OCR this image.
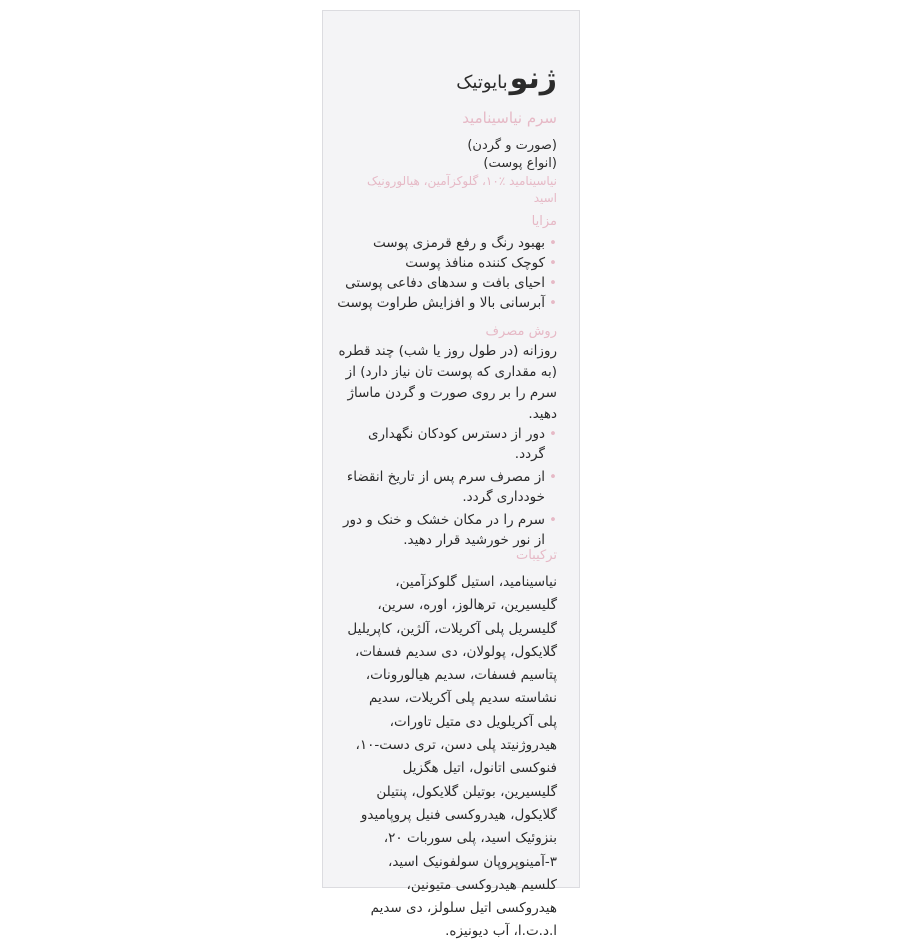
ژنوبایوتیک
سرم نیاسینامید
(صورت و گردن)
(انواع پوست)
نیاسینامید ٪۱۰، گلوکزآمین، هیالورونیک
اسید
مزایا
• بهبود رنگ و رفع قرمزی پوست
• کوچک کننده منافذ پوست
• احیای بافت و سدهای دفاعی پوستی
• آبرسانی بالا و افزایش طراوت پوست
روش مصرف
روزانه (در طول روز یا شب) چند قطره
(به مقداری که پوست تان نیاز دارد) از
سرم را بر روی صورت و گردن ماساژ
دهید.
• دور از دسترس کودکان نگهداری
گردد.
• از مصرف سرم پس از تاریخ انقضاء
خودداری گردد.
• سرم را در مکان خشک و خنک و دور
از نور خورشید قرار دهید.
ترکیبات
نیاسینامید، استیل گلوکزآمین،
گلیسیرین، ترهالوز، اوره، سرین،
گلیسریل پلی آکریلات، آلژین، کاپریلیل
گلایکول، پولولان، دی سدیم فسفات،
پتاسیم فسفات، سدیم هیالورونات،
نشاسته سدیم پلی آکریلات، سدیم
پلی آکریلویل دی متیل تاورات،
هیدروژنیتد پلی دسن، تری دست-۱۰،
فنوکسی اتانول، اتیل هگزیل
گلیسیرین، بوتیلن گلایکول، پنتیلن
گلایکول، هیدروکسی فنیل پروپامیدو
بنزوئیک اسید، پلی سوربات ۲۰،
۳-آمینوپروپان سولفونیک اسید،
کلسیم هیدروکسی متیونین،
هیدروکسی اتیل سلولز، دی سدیم
ا.د.ت.ا، آب دیونیزه.
